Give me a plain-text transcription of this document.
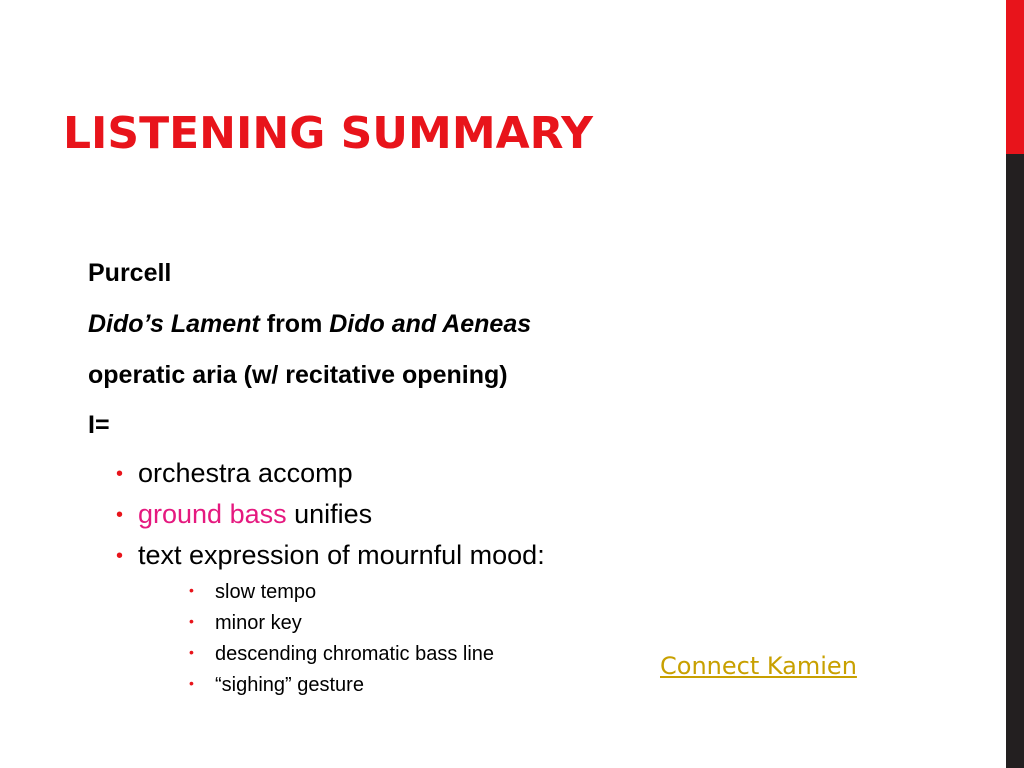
LISTENING SUMMARY
Purcell
Dido’s Lament from Dido and Aeneas
operatic aria (w/ recitative opening)
I=
• orchestra accomp
• ground bass unifies
• text expression of mournful mood:
• slow tempo
• minor key
• descending chromatic bass line
• “sighing” gesture
Connect Kamien
